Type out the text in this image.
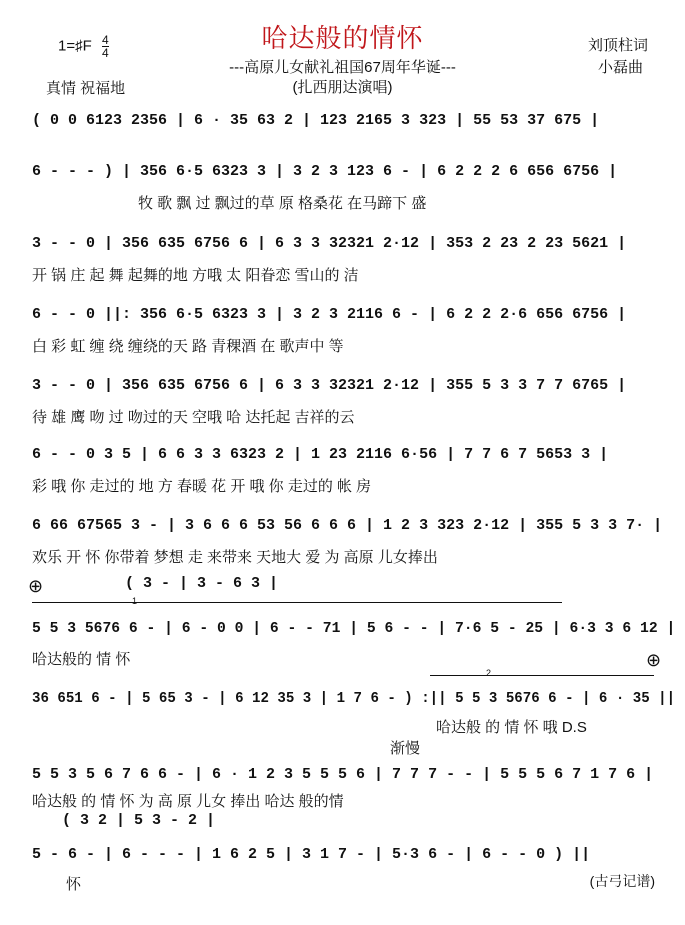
哈达般的情怀
---高原儿女献礼祖国67周年华诞---
(扎西朋达演唱)
1=♯F $\frac{4}{4}$
真情 祝福地
刘顶柱词
小磊曲
( 0 0 6123 2356 | 6 · 35 63 2 | 123 2165 3 323 | 55 53 37 675 |
6 - - - ) | 356 6·5 6323 3 | 3 2 3 123 6 - | 6 2 2 2 6 656 6756 |
牧 歌 飘 过 飘过的草 原 格桑花 在马蹄下 盛
3 - - 0 | 356 635 6756 6 | 6 3 3 32321 2·12 | 353 2 23 2 23 5621 |
开 锅 庄 起 舞 起舞的地 方哦 太 阳眷恋 雪山的 洁
6 - - 0 ||: 356 6·5 6323 3 | 3 2 3 2116 6 - | 6 2 2 2·6 656 6756 |
白 彩 虹 缠 绕 缠绕的天 路 青稞酒 在 歌声中 等
3 - - 0 | 356 635 6756 6 | 6 3 3 32321 2·12 | 355 5 3 3 7 7 6765 |
待 雄 鹰 吻 过 吻过的天 空哦 哈 达托起 吉祥的云
6 - - 0 3 5 | 6 6 3 3 6323 2 | 1 23 2116 6·56 | 7 7 6 7 5653 3 |
彩 哦 你 走过的 地 方 春暖 花 开 哦 你 走过的 帐 房
6 66 67565 3 - | 3 6 6 6 53 56 6 6 6 | 1 2 3 323 2·12 | 355 5 3 3 7· |
欢乐 开 怀 你带着 梦想 走 来带来 天地大 爱 为 高原 儿女捧出
⊕	( 3 - | 3 - 6 3 |
1
5 5 3 5676 6 - | 6 - 0 0 | 6 - - 71 | 5 6 - - | 7·6 5 - 25 | 6·3 3 6 12 |
哈达般的 情 怀	⊕
2
36 651 6 - | 5 65 3 - | 6 12 35 3 | 1 7 6 - ) :|| 5 5 3 5676 6 - | 6 · 35 ||
哈达般 的 情 怀 哦 D.S
渐慢
5 5 3 5 6 7 6 6 - | 6 · 1 2 3 5 5 5 6 | 7 7 7 - - | 5 5 5 6 7 1 7 6 |
哈达般 的 情 怀 为 高 原 儿女 捧出 哈达 般的情
( 3 2 | 5 3 - 2 |
5 - 6 - | 6 - - - | 1 6 2 5 | 3 1 7 - | 5·3 6 - | 6 - - 0 ) ||
怀	(古弓记谱)
